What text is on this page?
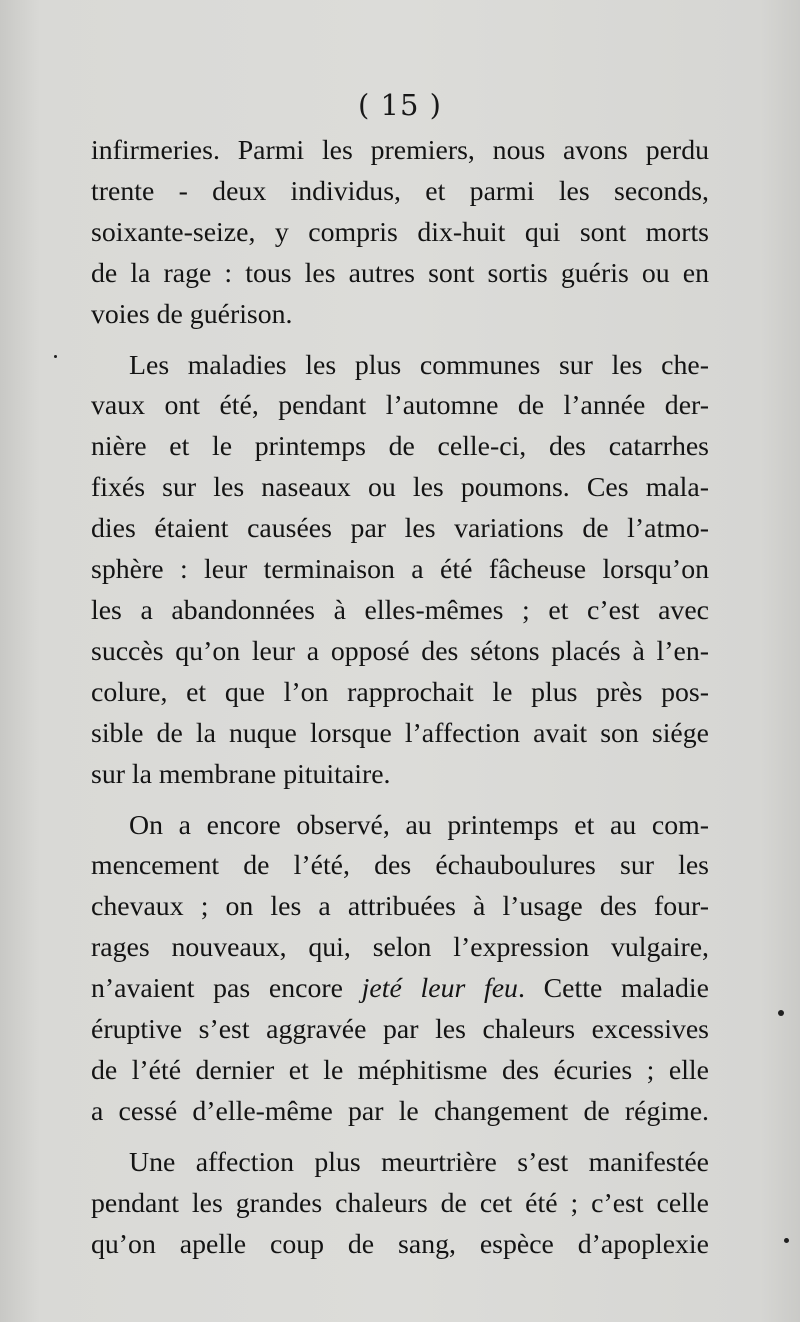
( 15 )
infirmeries. Parmi les premiers, nous avons perdu
trente - deux individus, et parmi les seconds,
soixante-seize, y compris dix-huit qui sont morts
de la rage : tous les autres sont sortis guéris ou en
voies de guérison.
Les maladies les plus communes sur les che-
vaux ont été, pendant l’automne de l’année der-
nière et le printemps de celle-ci, des catarrhes
fixés sur les naseaux ou les poumons. Ces mala-
dies étaient causées par les variations de l’atmo-
sphère : leur terminaison a été fâcheuse lorsqu’on
les a abandonnées à elles-mêmes ; et c’est avec
succès qu’on leur a opposé des sétons placés à l’en-
colure, et que l’on rapprochait le plus près pos-
sible de la nuque lorsque l’affection avait son siége
sur la membrane pituitaire.
On a encore observé, au printemps et au com-
mencement de l’été, des échauboulures sur les
chevaux ; on les a attribuées à l’usage des four-
rages nouveaux, qui, selon l’expression vulgaire,
n’avaient pas encore jeté leur feu. Cette maladie
éruptive s’est aggravée par les chaleurs excessives
de l’été dernier et le méphitisme des écuries ; elle
a cessé d’elle-même par le changement de régime.
Une affection plus meurtrière s’est manifestée
pendant les grandes chaleurs de cet été ; c’est celle
qu’on apelle coup de sang, espèce d’apoplexie
